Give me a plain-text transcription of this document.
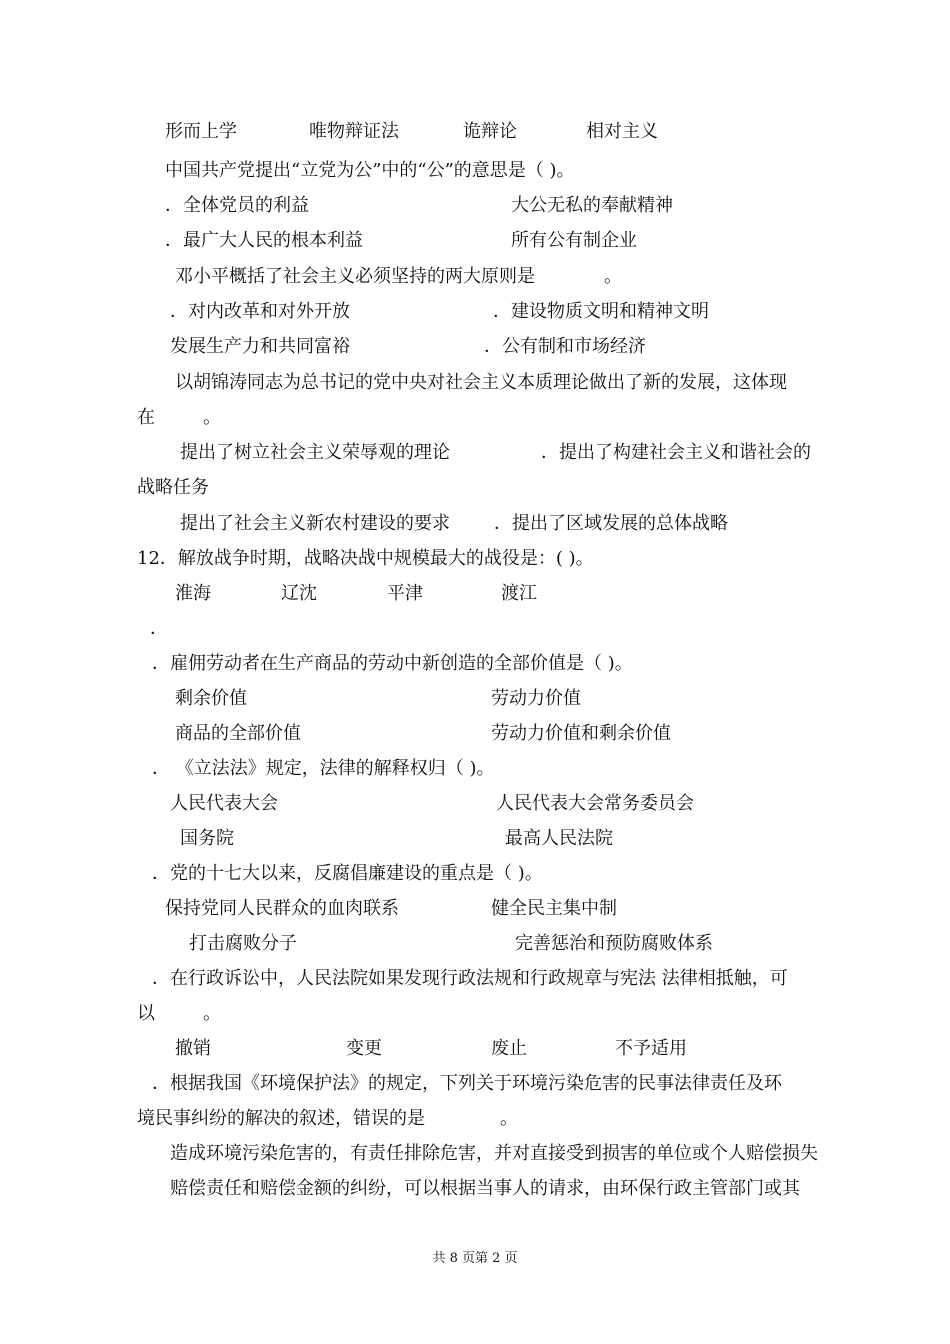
形而上学	唯物辩证法	诡辩论	相对主义
中国共产党提出“立党为公”中的“公”的意思是（ )。
．全体党员的利益	大公无私的奉献精神
．最广大人民的根本利益	所有公有制企业
邓小平概括了社会主义必须坚持的两大原则是	。
．对内改革和对外开放	．建设物质文明和精神文明
发展生产力和共同富裕	．公有制和市场经济
以胡锦涛同志为总书记的党中央对社会主义本质理论做出了新的发展，这体现
在	。
提出了树立社会主义荣辱观的理论	．提出了构建社会主义和谐社会的
战略任务
提出了社会主义新农村建设的要求 ．提出了区域发展的总体战略
12．解放战争时期，战略决战中规模最大的战役是：( )。
淮海	辽沈	平津	渡江
．
．雇佣劳动者在生产商品的劳动中新创造的全部价值是（ )。
剩余价值	劳动力价值
商品的全部价值	劳动力价值和剩余价值
． 《立法法》规定，法律的解释权归（ )。
人民代表大会	人民代表大会常务委员会
国务院	最高人民法院
．党的十七大以来，反腐倡廉建设的重点是（ )。
保持党同人民群众的血肉联系	健全民主集中制
打击腐败分子	完善惩治和预防腐败体系
．在行政诉讼中，人民法院如果发现行政法规和行政规章与宪法 法律相抵触，可
以	。
撤销	变更	废止	不予适用
．根据我国《环境保护法》的规定，下列关于环境污染危害的民事法律责任及环
境民事纠纷的解决的叙述，错误的是	。
造成环境污染危害的，有责任排除危害，并对直接受到损害的单位或个人赔偿损失
赔偿责任和赔偿金额的纠纷，可以根据当事人的请求，由环保行政主管部门或其
共 8 页第 2 页
